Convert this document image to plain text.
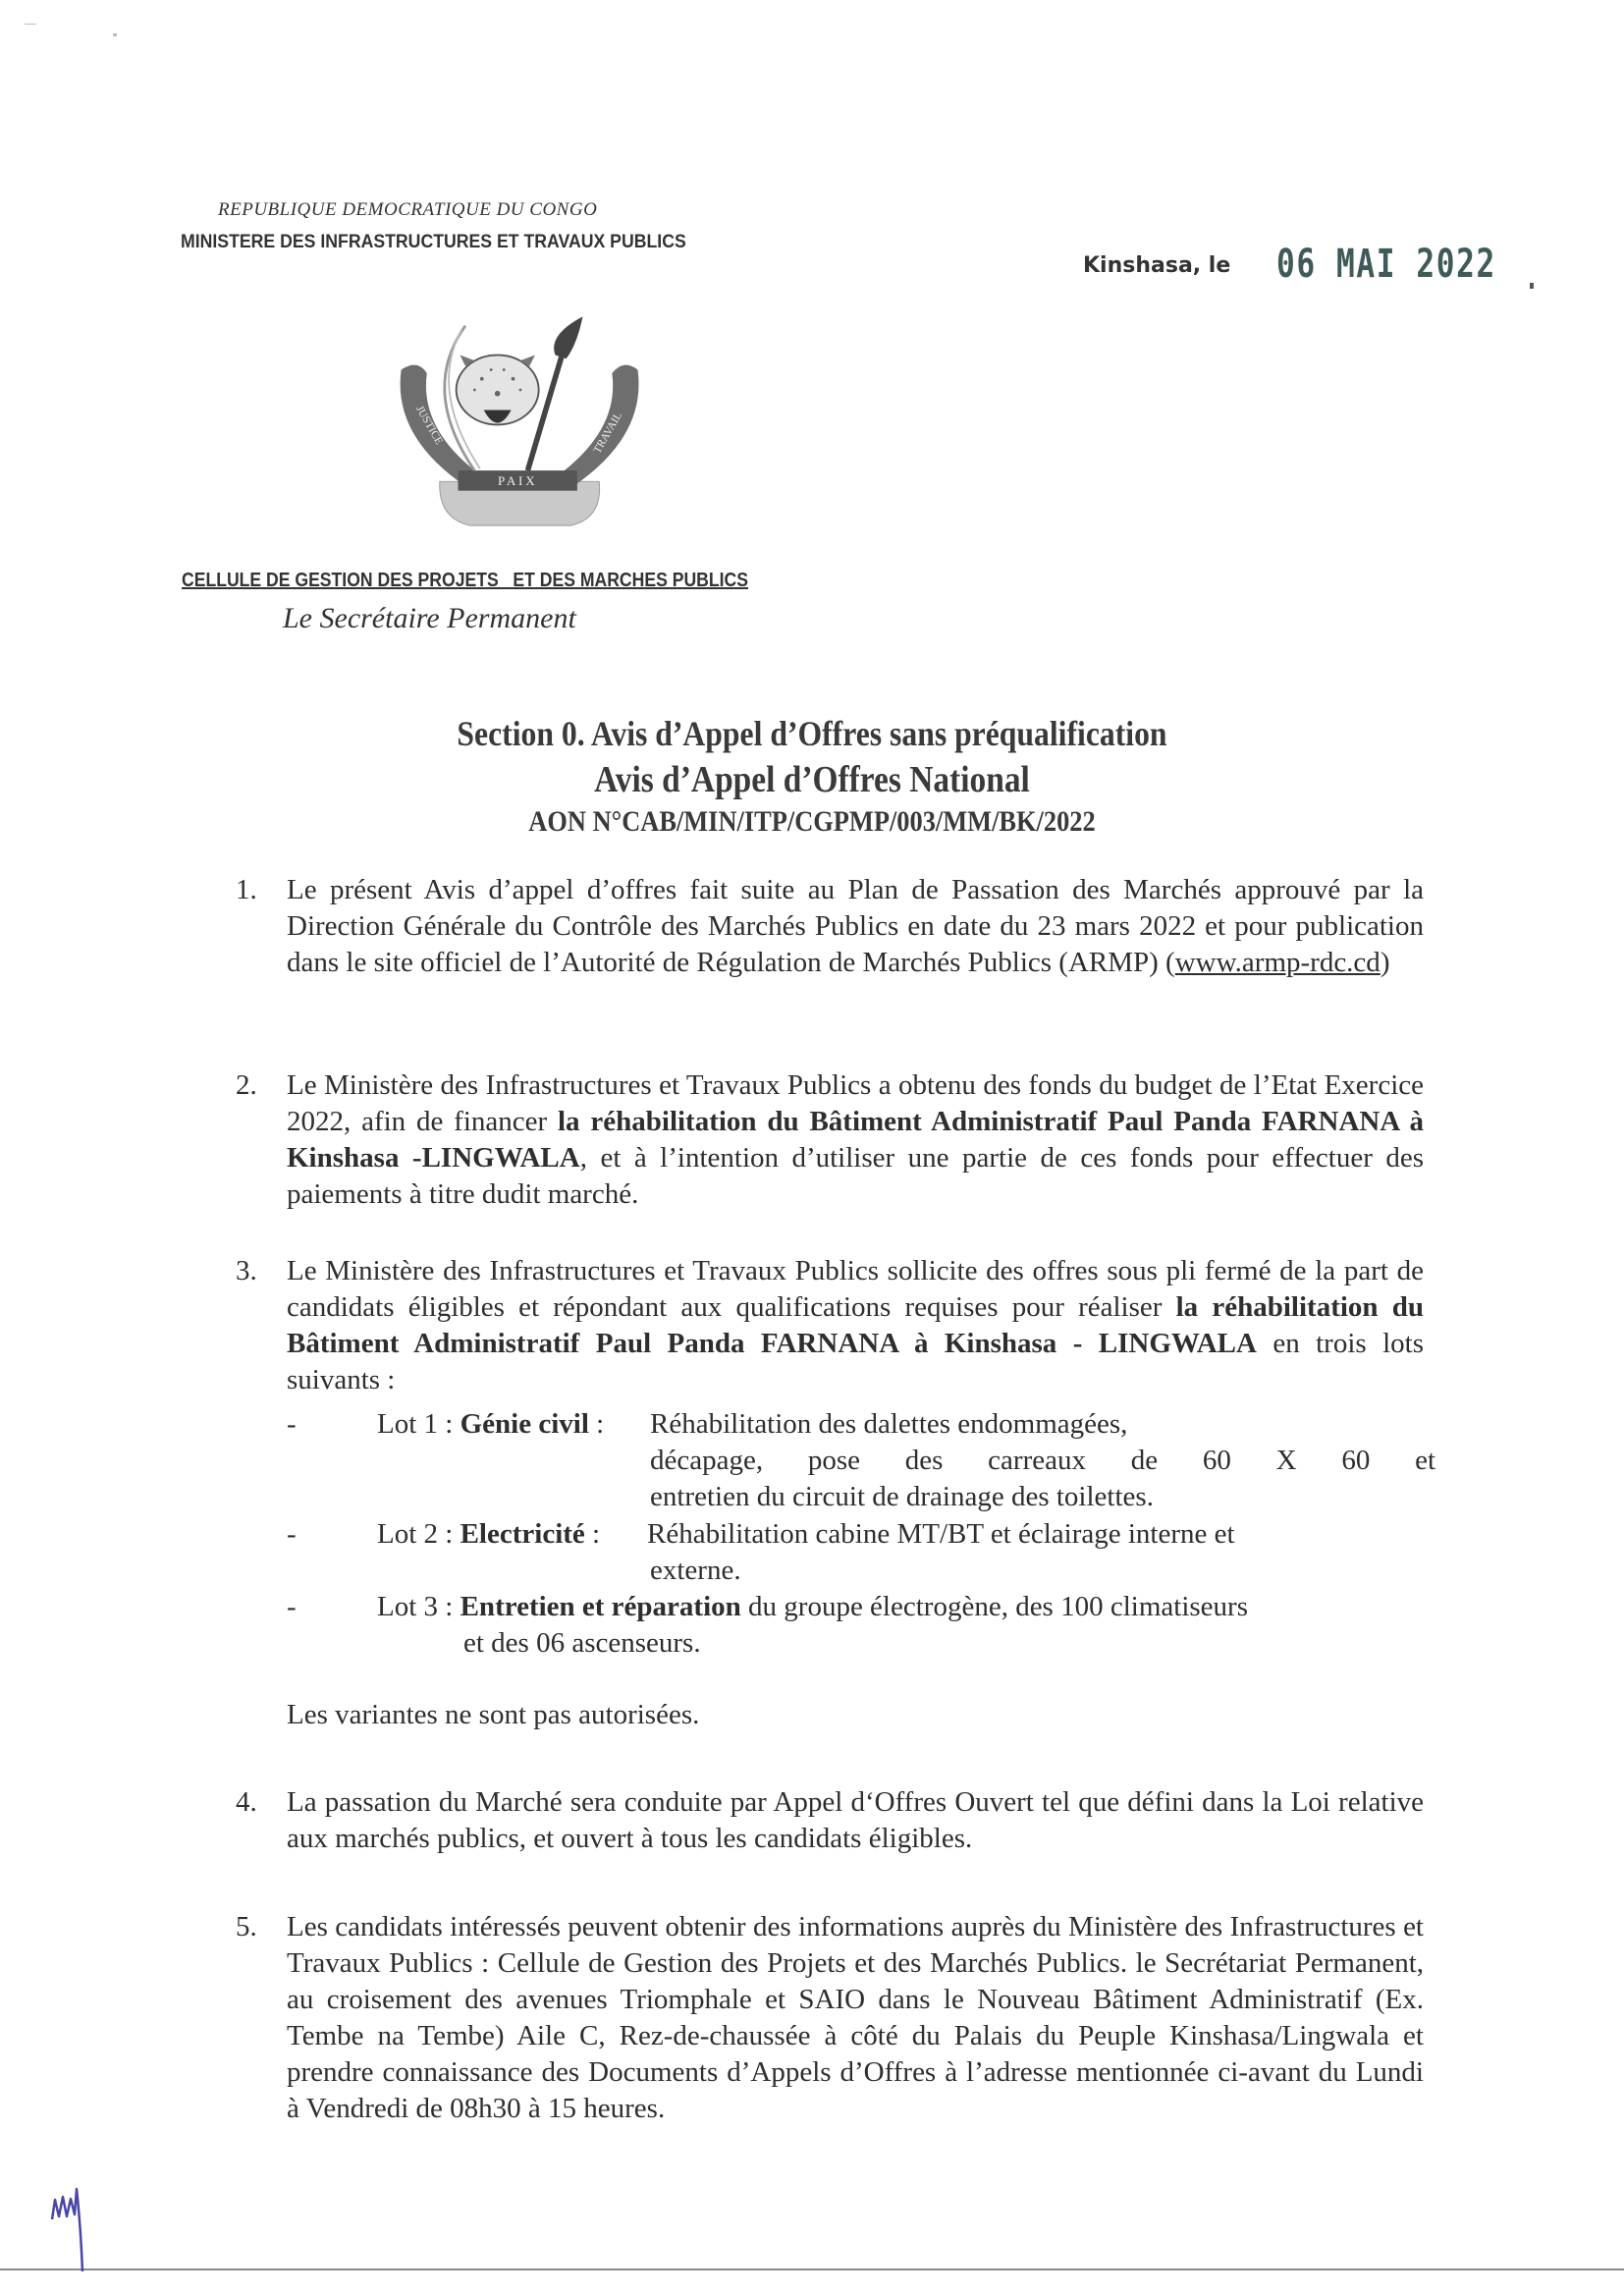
REPUBLIQUE DEMOCRATIQUE DU CONGO
MINISTERE DES INFRASTRUCTURES ET TRAVAUX PUBLICS
Kinshasa, le 06 MAI 2022
JUSTICE	TRAVAIL
PAIX
CELLULE DE GESTION DES PROJETS   ET DES MARCHES PUBLICS
Le Secrétaire Permanent
Section 0. Avis d’Appel d’Offres sans préqualification
Avis d’Appel d’Offres National
AON N°CAB/MIN/ITP/CGPMP/003/MM/BK/2022
1. Le présent Avis d’appel d’offres fait suite au Plan de Passation des Marchés approuvé par la Direction Générale du Contrôle des Marchés Publics en date du 23 mars 2022 et pour publication dans le site officiel de l’Autorité de Régulation de Marchés Publics (ARMP) (www.armp-rdc.cd)
2. Le Ministère des Infrastructures et Travaux Publics a obtenu des fonds du budget de l’Etat Exercice 2022, afin de financer la réhabilitation du Bâtiment Administratif Paul Panda FARNANA à Kinshasa -LINGWALA, et à l’intention d’utiliser une partie de ces fonds pour effectuer des paiements à titre dudit marché.
3. Le Ministère des Infrastructures et Travaux Publics sollicite des offres sous pli fermé de la part de candidats éligibles et répondant aux qualifications requises pour réaliser la réhabilitation du Bâtiment Administratif Paul Panda FARNANA à Kinshasa - LINGWALA en trois lots suivants :
-	Lot 1 : Génie civil : Réhabilitation des dalettes endommagées,
décapage, pose des carreaux de 60 X 60 et
entretien du circuit de drainage des toilettes.
-	Lot 2 : Electricité : Réhabilitation cabine MT/BT et éclairage interne et
externe.
-	Lot 3 : Entretien et réparation du groupe électrogène, des 100 climatiseurs
et des 06 ascenseurs.
Les variantes ne sont pas autorisées.
4. La passation du Marché sera conduite par Appel d‘Offres Ouvert tel que défini dans la Loi relative aux marchés publics, et ouvert à tous les candidats éligibles.
5. Les candidats intéressés peuvent obtenir des informations auprès du Ministère des Infrastructures et Travaux Publics : Cellule de Gestion des Projets et des Marchés Publics. le Secrétariat Permanent, au croisement des avenues Triomphale et SAIO dans le Nouveau Bâtiment Administratif (Ex. Tembe na Tembe) Aile C, Rez-de-chaussée à côté du Palais du Peuple Kinshasa/Lingwala et prendre connaissance des Documents d’Appels d’Offres à l’adresse mentionnée ci-avant du Lundi à Vendredi de 08h30 à 15 heures.
